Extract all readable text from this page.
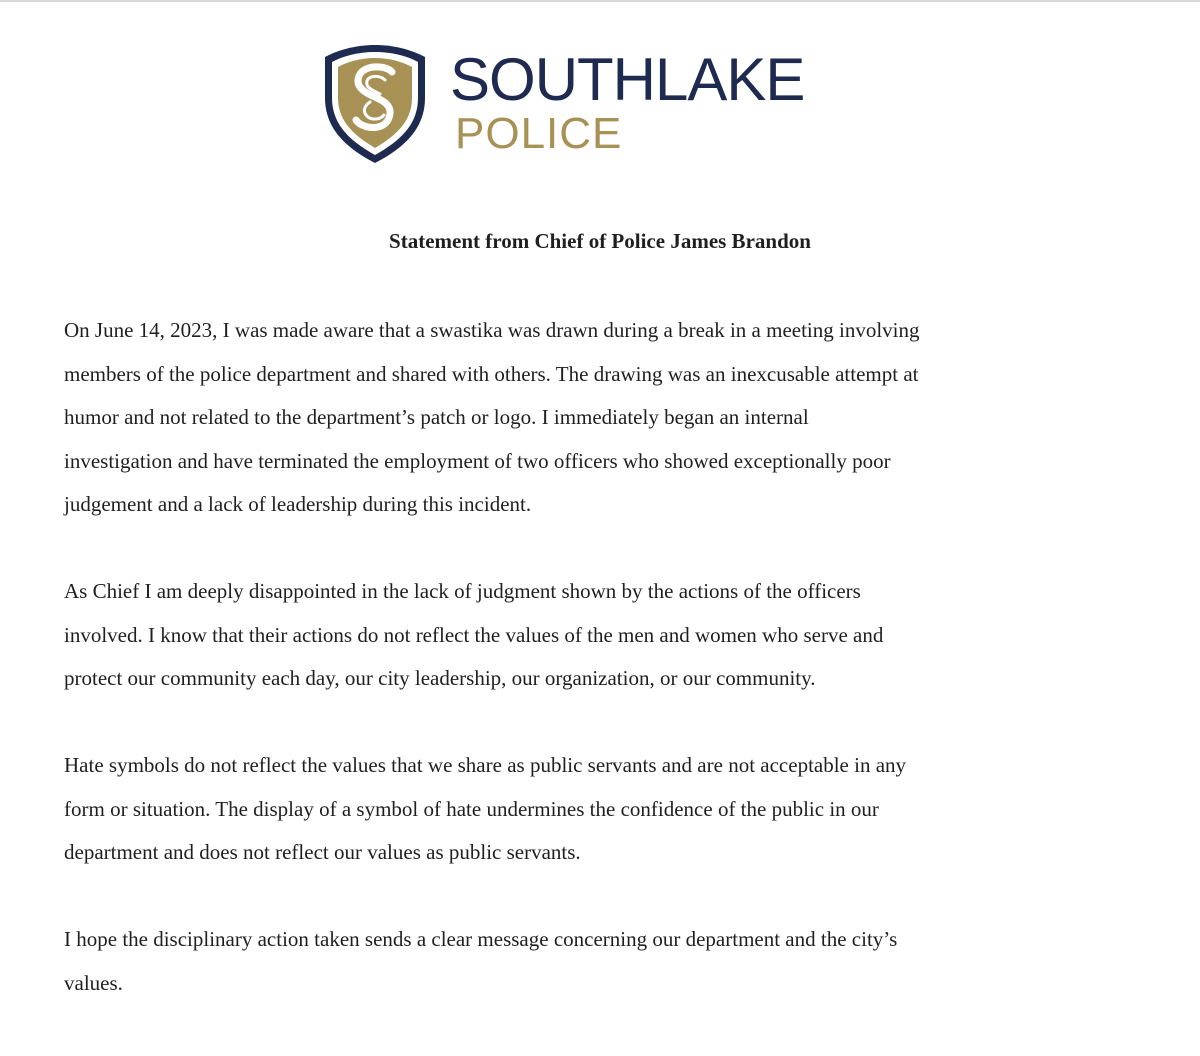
SOUTHLAKE
POLICE
Statement from Chief of Police James Brandon

On June 14, 2023, I was made aware that a swastika was drawn during a break in a meeting involving
members of the police department and shared with others. The drawing was an inexcusable attempt at
humor and not related to the department’s patch or logo. I immediately began an internal
investigation and have terminated the employment of two officers who showed exceptionally poor
judgement and a lack of leadership during this incident.

As Chief I am deeply disappointed in the lack of judgment shown by the actions of the officers
involved. I know that their actions do not reflect the values of the men and women who serve and
protect our community each day, our city leadership, our organization, or our community.

Hate symbols do not reflect the values that we share as public servants and are not acceptable in any
form or situation. The display of a symbol of hate undermines the confidence of the public in our
department and does not reflect our values as public servants.

I hope the disciplinary action taken sends a clear message concerning our department and the city’s
values.
